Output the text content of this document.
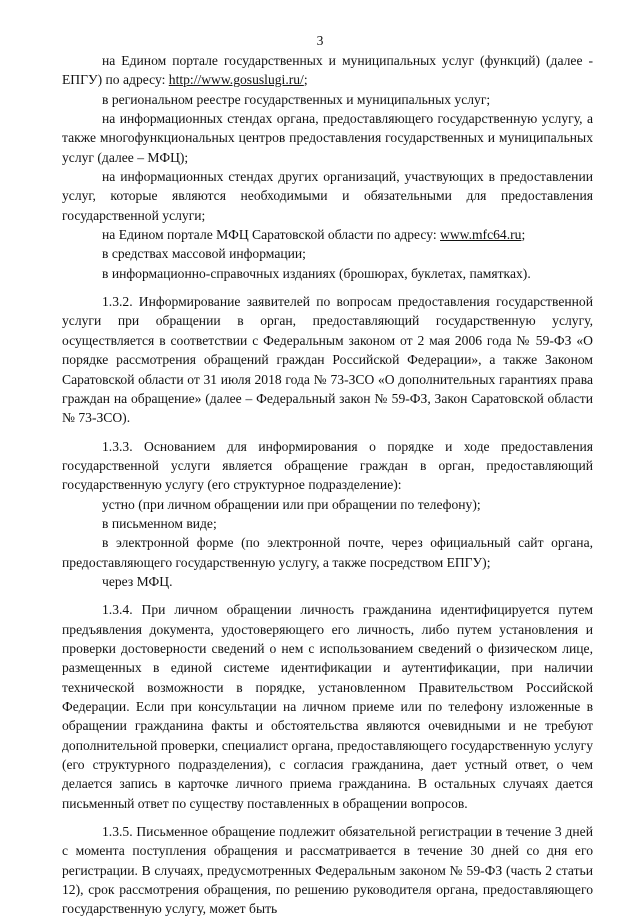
3

на Едином портале государственных и муниципальных услуг (функций) (далее - ЕПГУ) по адресу: http://www.gosuslugi.ru/;

в региональном реестре государственных и муниципальных услуг;

на информационных стендах органа, предоставляющего государственную услугу, а также многофункциональных центров предоставления государственных и муниципальных услуг (далее – МФЦ);

на информационных стендах других организаций, участвующих в предоставлении услуг, которые являются необходимыми и обязательными для предоставления государственной услуги;

на Едином портале МФЦ Саратовской области по адресу: www.mfc64.ru;

в средствах массовой информации;

в информационно-справочных изданиях (брошюрах, буклетах, памятках).

1.3.2. Информирование заявителей по вопросам предоставления государственной услуги при обращении в орган, предоставляющий государственную услугу, осуществляется в соответствии с Федеральным законом от 2 мая 2006 года № 59-ФЗ «О порядке рассмотрения обращений граждан Российской Федерации», а также Законом Саратовской области от 31 июля 2018 года № 73-ЗСО «О дополнительных гарантиях права граждан на обращение» (далее – Федеральный закон № 59-ФЗ, Закон Саратовской области № 73-ЗСО).

1.3.3. Основанием для информирования о порядке и ходе предоставления государственной услуги является обращение граждан в орган, предоставляющий государственную услугу (его структурное подразделение):

устно (при личном обращении или при обращении по телефону);

в письменном виде;

в электронной форме (по электронной почте, через официальный сайт органа, предоставляющего государственную услугу, а также посредством ЕПГУ);

через МФЦ.

1.3.4. При личном обращении личность гражданина идентифицируется путем предъявления документа, удостоверяющего его личность, либо путем установления и проверки достоверности сведений о нем с использованием сведений о физическом лице, размещенных в единой системе идентификации и аутентификации, при наличии технической возможности в порядке, установленном Правительством Российской Федерации. Если при консультации на личном приеме или по телефону изложенные в обращении гражданина факты и обстоятельства являются очевидными и не требуют дополнительной проверки, специалист органа, предоставляющего государственную услугу (его структурного подразделения), с согласия гражданина, дает устный ответ, о чем делается запись в карточке личного приема гражданина. В остальных случаях дается письменный ответ по существу поставленных в обращении вопросов.

1.3.5. Письменное обращение подлежит обязательной регистрации в течение 3 дней с момента поступления обращения и рассматривается в течение 30 дней со дня его регистрации. В случаях, предусмотренных Федеральным законом № 59-ФЗ (часть 2 статьи 12), срок рассмотрения обращения, по решению руководителя органа, предоставляющего государственную услугу, может быть
